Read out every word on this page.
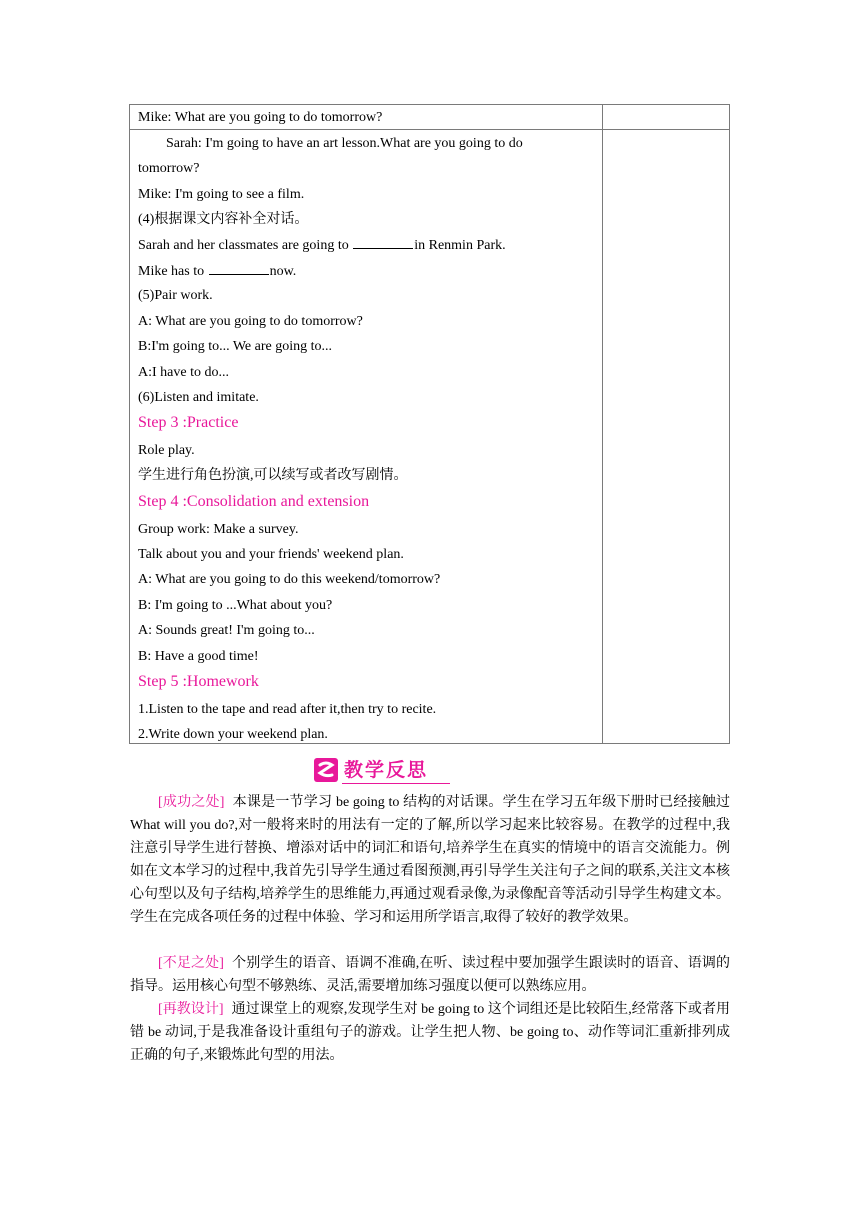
Mike: What are you going to do tomorrow?
Sarah: I'm going to have an art lesson.What are you going to do
tomorrow?
Mike: I'm going to see a film.
(4)根据课文内容补全对话。
Sarah and her classmates are going to	in Renmin Park.
Mike has to	now.
(5)Pair work.
A: What are you going to do tomorrow?
B:I'm going to... We are going to...
A:I have to do...
(6)Listen and imitate.
Step 3 :Practice
Role play.
学生进行角色扮演,可以续写或者改写剧情。
Step 4 :Consolidation and extension
Group work: Make a survey.
Talk about you and your friends' weekend plan.
A: What are you going to do this weekend/tomorrow?
B: I'm going to ...What about you?
A: Sounds great! I'm going to...
B: Have a good time!
Step 5 :Homework
1.Listen to the tape and read after it,then try to recite.
2.Write down your weekend plan.
教学反思
[成功之处] 本课是一节学习 be going to 结构的对话课。学生在学习五年级下册时已经接触过 What will you do?,对一般将来时的用法有一定的了解,所以学习起来比较容易。在教学的过程中,我注意引导学生进行替换、增添对话中的词汇和语句,培养学生在真实的情境中的语言交流能力。例如在文本学习的过程中,我首先引导学生通过看图预测,再引导学生关注句子之间的联系,关注文本核心句型以及句子结构,培养学生的思维能力,再通过观看录像,为录像配音等活动引导学生构建文本。学生在完成各项任务的过程中体验、学习和运用所学语言,取得了较好的教学效果。
[不足之处] 个别学生的语音、语调不准确,在听、读过程中要加强学生跟读时的语音、语调的指导。运用核心句型不够熟练、灵活,需要增加练习强度以便可以熟练应用。
[再教设计] 通过课堂上的观察,发现学生对 be going to 这个词组还是比较陌生,经常落下或者用错 be 动词,于是我准备设计重组句子的游戏。让学生把人物、be going to、动作等词汇重新排列成正确的句子,来锻炼此句型的用法。
